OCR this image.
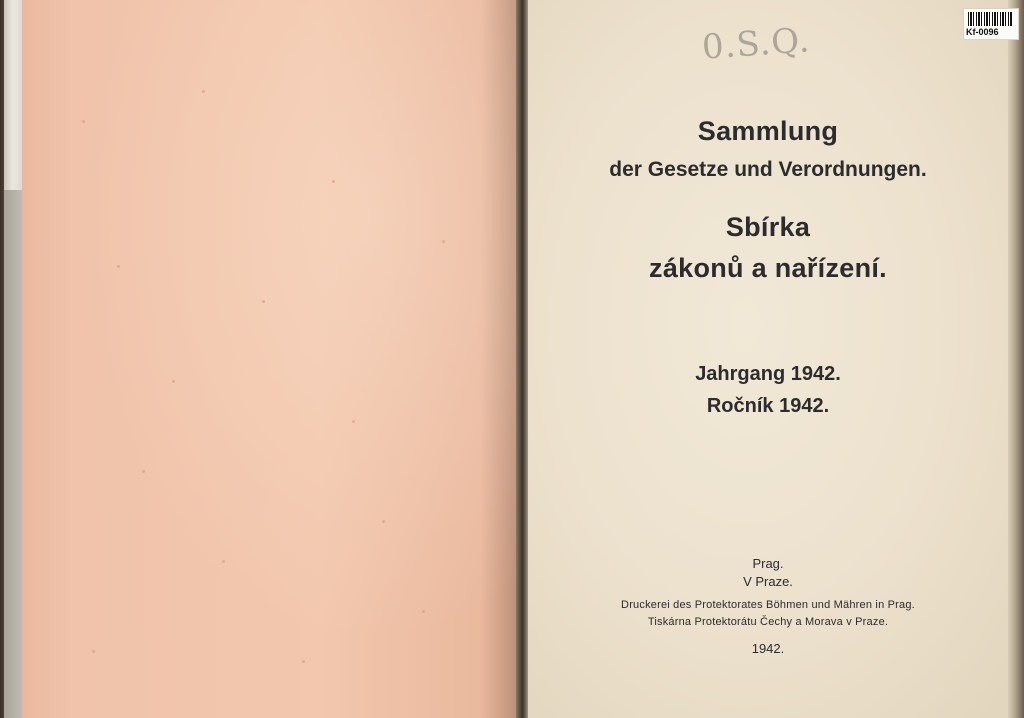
0.S.Q.	Kf-0096
Sammlung
der Gesetze und Verordnungen.
Sbírka
zákonů a nařízení.
Jahrgang 1942.
Ročník 1942.
Prag.
V Praze.
Druckerei des Protektorates Böhmen und Mähren in Prag.
Tiskárna Protektorátu Čechy a Morava v Praze.
1942.
